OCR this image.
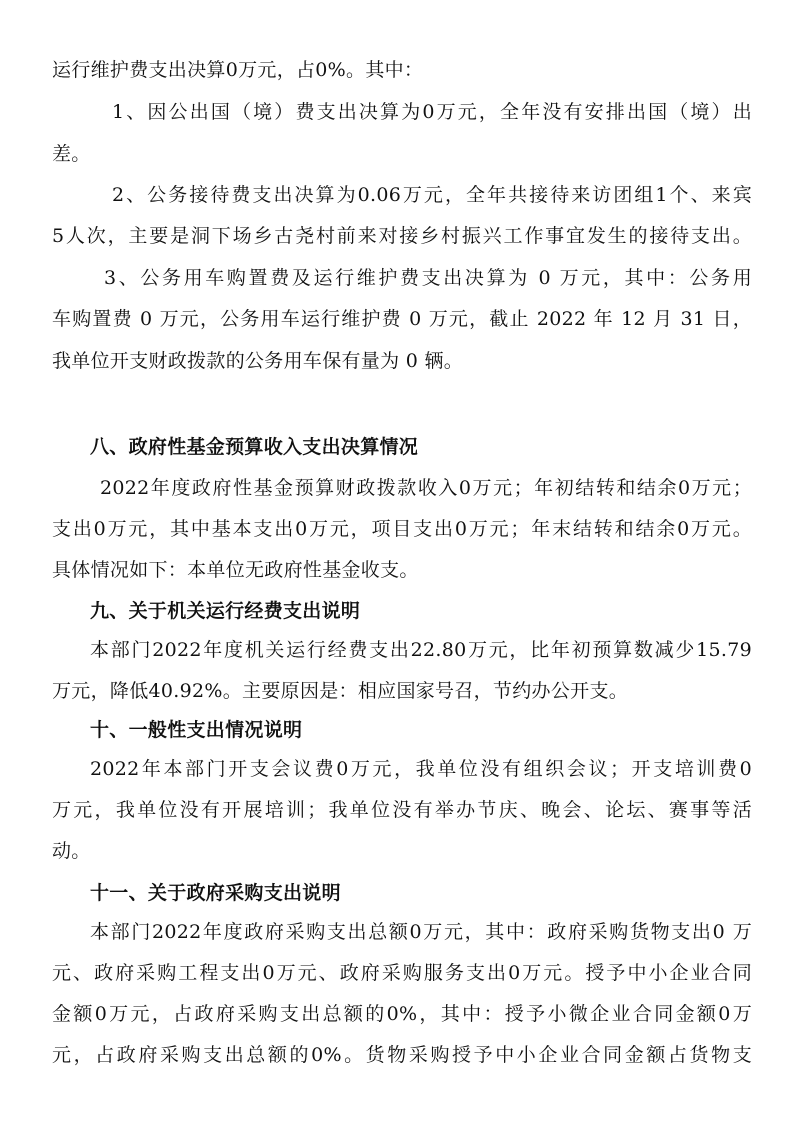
运行维护费支出决算0万元，占0%。其中：
1、因公出国（境）费支出决算为0万元，全年没有安排出国（境）出
差。
2、公务接待费支出决算为0.06万元，全年共接待来访团组1个、来宾
5人次，主要是洞下场乡古尧村前来对接乡村振兴工作事宜发生的接待支出。
3、公务用车购置费及运行维护费支出决算为 0 万元，其中：公务用
车购置费 0 万元，公务用车运行维护费 0 万元，截止 2022 年 12 月 31 日，
我单位开支财政拨款的公务用车保有量为 0 辆。
八、政府性基金预算收入支出决算情况
2022年度政府性基金预算财政拨款收入0万元；年初结转和结余0万元；
支出0万元，其中基本支出0万元，项目支出0万元；年末结转和结余0万元。
具体情况如下：本单位无政府性基金收支。
九、关于机关运行经费支出说明
本部门2022年度机关运行经费支出22.80万元，比年初预算数减少15.79
万元，降低40.92%。主要原因是：相应国家号召，节约办公开支。
十、一般性支出情况说明
2022年本部门开支会议费0万元，我单位没有组织会议；开支培训费0
万元，我单位没有开展培训；我单位没有举办节庆、晚会、论坛、赛事等活
动。
十一、关于政府采购支出说明
本部门2022年度政府采购支出总额0万元，其中：政府采购货物支出0 万
元、政府采购工程支出0万元、政府采购服务支出0万元。授予中小企业合同
金额0万元，占政府采购支出总额的0%，其中：授予小微企业合同金额0万
元，占政府采购支出总额的0%。货物采购授予中小企业合同金额占货物支
